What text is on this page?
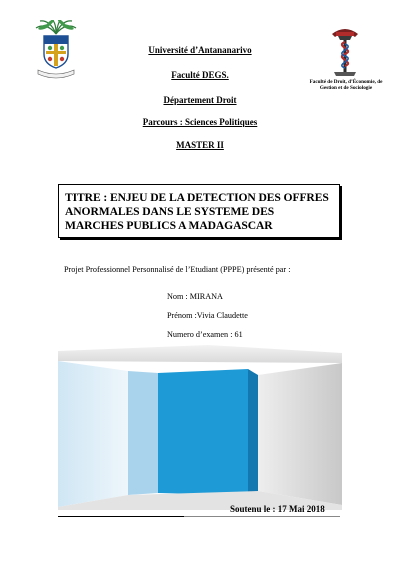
Faculté de Droit, d’Économie, de Gestion et de Sociologie
Université d’Antananarivo
Faculté DEGS.
Département Droit
Parcours : Sciences Politiques
MASTER II
TITRE : ENJEU DE LA DETECTION DES OFFRES ANORMALES DANS LE SYSTEME DES MARCHES PUBLICS A MADAGASCAR
Projet Professionnel Personnalisé de l’Etudiant (PPPE) présenté par :
Nom : MIRANA
Prénom :Vivia Claudette
Numero d’examen : 61
Soutenu le : 17 Mai 2018
